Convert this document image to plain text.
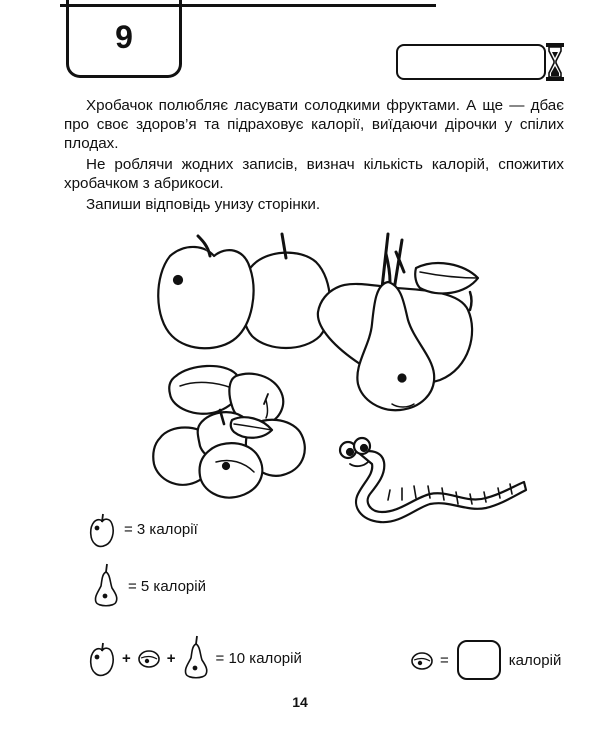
9

Хробачок полюбляє ласувати солодкими фруктами. А ще — дбає про своє здоров’я та підраховує калорії, виїдаючи дірочки у спілих плодах.

Не роблячи жодних записів, визнач кількість калорій, спожитих хробачком з абрикоси.

Запиши відповідь унизу сторінки.

= 3 калорії
= 5 калорій
+ +	= 10 калорій	=	калорій
14
